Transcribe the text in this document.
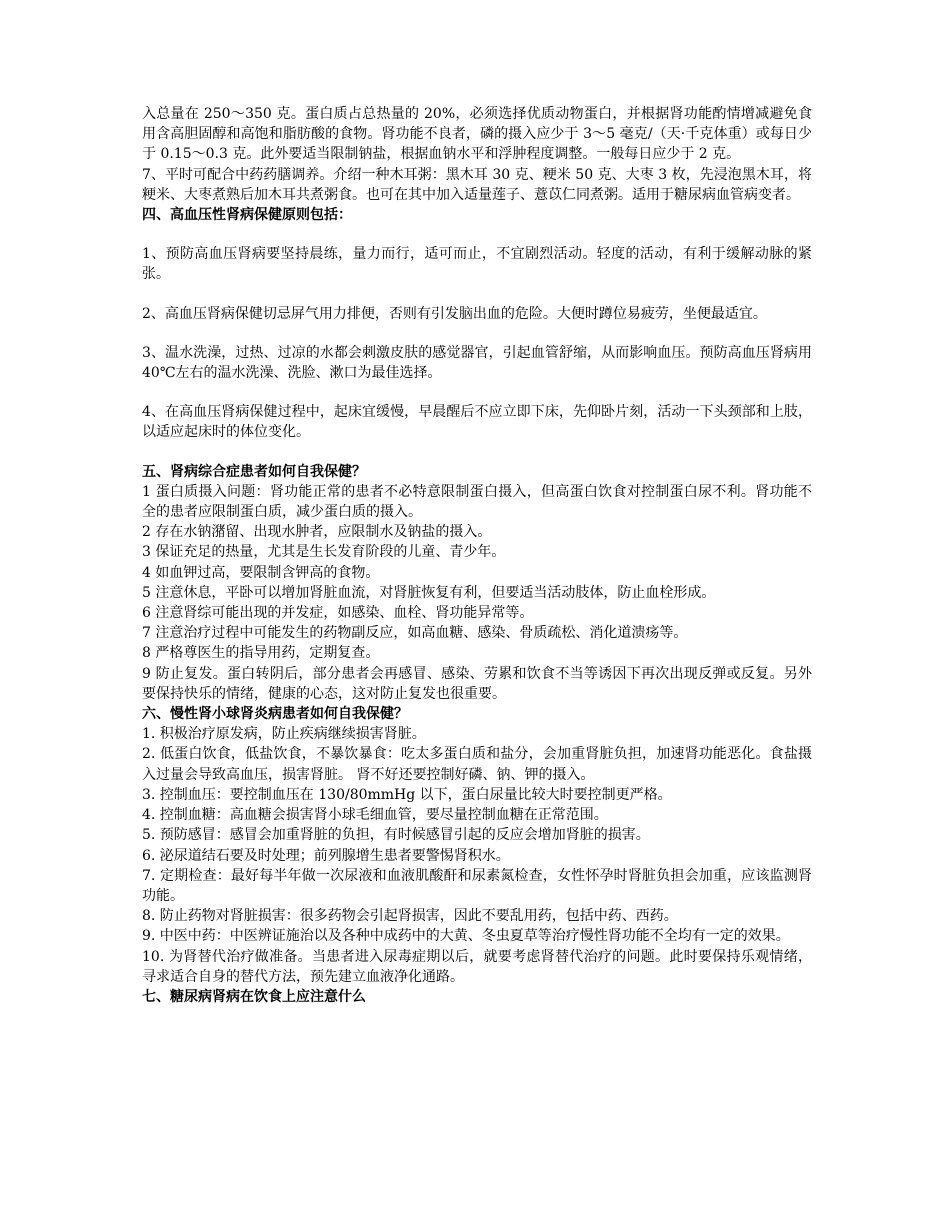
入总量在 250～350 克。蛋白质占总热量的 20%，必须选择优质动物蛋白，并根据肾功能酌情增减避免食用含高胆固醇和高饱和脂肪酸的食物。肾功能不良者，磷的摄入应少于 3～5 毫克/（天·千克体重）或每日少于 0.15～0.3 克。此外要适当限制钠盐，根据血钠水平和浮肿程度调整。一般每日应少于 2 克。

7、平时可配合中药药膳调养。介绍一种木耳粥：黑木耳 30 克、粳米 50 克、大枣 3 枚，先浸泡黑木耳，将粳米、大枣煮熟后加木耳共煮粥食。也可在其中加入适量莲子、薏苡仁同煮粥。适用于糖尿病血管病变者。

四、高血压性肾病保健原则包括：

1、预防高血压肾病要坚持晨练，量力而行，适可而止，不宜剧烈活动。轻度的活动，有利于缓解动脉的紧张。

2、高血压肾病保健切忌屏气用力排便，否则有引发脑出血的危险。大便时蹲位易疲劳，坐便最适宜。

3、温水洗澡，过热、过凉的水都会刺激皮肤的感觉器官，引起血管舒缩，从而影响血压。预防高血压肾病用 40℃左右的温水洗澡、洗脸、漱口为最佳选择。

4、在高血压肾病保健过程中，起床宜缓慢，早晨醒后不应立即下床，先仰卧片刻，活动一下头颈部和上肢，以适应起床时的体位变化。

五、肾病综合症患者如何自我保健？

1 蛋白质摄入问题：肾功能正常的患者不必特意限制蛋白摄入，但高蛋白饮食对控制蛋白尿不利。肾功能不全的患者应限制蛋白质，减少蛋白质的摄入。

2 存在水钠潴留、出现水肿者，应限制水及钠盐的摄入。

3 保证充足的热量，尤其是生长发育阶段的儿童、青少年。

4 如血钾过高，要限制含钾高的食物。

5 注意休息，平卧可以增加肾脏血流，对肾脏恢复有利，但要适当活动肢体，防止血栓形成。

6 注意肾综可能出现的并发症，如感染、血栓、肾功能异常等。

7 注意治疗过程中可能发生的药物副反应，如高血糖、感染、骨质疏松、消化道溃疡等。

8 严格尊医生的指导用药，定期复查。

9 防止复发。蛋白转阴后，部分患者会再感冒、感染、劳累和饮食不当等诱因下再次出现反弹或反复。另外要保持快乐的情绪，健康的心态，这对防止复发也很重要。

六、慢性肾小球肾炎病患者如何自我保健？

1. 积极治疗原发病，防止疾病继续损害肾脏。

2. 低蛋白饮食，低盐饮食，不暴饮暴食：吃太多蛋白质和盐分，会加重肾脏负担，加速肾功能恶化。食盐摄入过量会导致高血压，损害肾脏。 肾不好还要控制好磷、钠、钾的摄入。

3. 控制血压：要控制血压在 130/80mmHg 以下，蛋白尿量比较大时要控制更严格。

4. 控制血糖：高血糖会损害肾小球毛细血管，要尽量控制血糖在正常范围。

5. 预防感冒：感冒会加重肾脏的负担，有时候感冒引起的反应会增加肾脏的损害。

6. 泌尿道结石要及时处理；前列腺增生患者要警惕肾积水。

7. 定期检查：最好每半年做一次尿液和血液肌酸酐和尿素氮检查，女性怀孕时肾脏负担会加重，应该监测肾功能。

8. 防止药物对肾脏损害：很多药物会引起肾损害，因此不要乱用药，包括中药、西药。

9. 中医中药：中医辨证施治以及各种中成药中的大黄、冬虫夏草等治疗慢性肾功能不全均有一定的效果。

10. 为肾替代治疗做准备。当患者进入尿毒症期以后，就要考虑肾替代治疗的问题。此时要保持乐观情绪，寻求适合自身的替代方法，预先建立血液净化通路。

七、糖尿病肾病在饮食上应注意什么
